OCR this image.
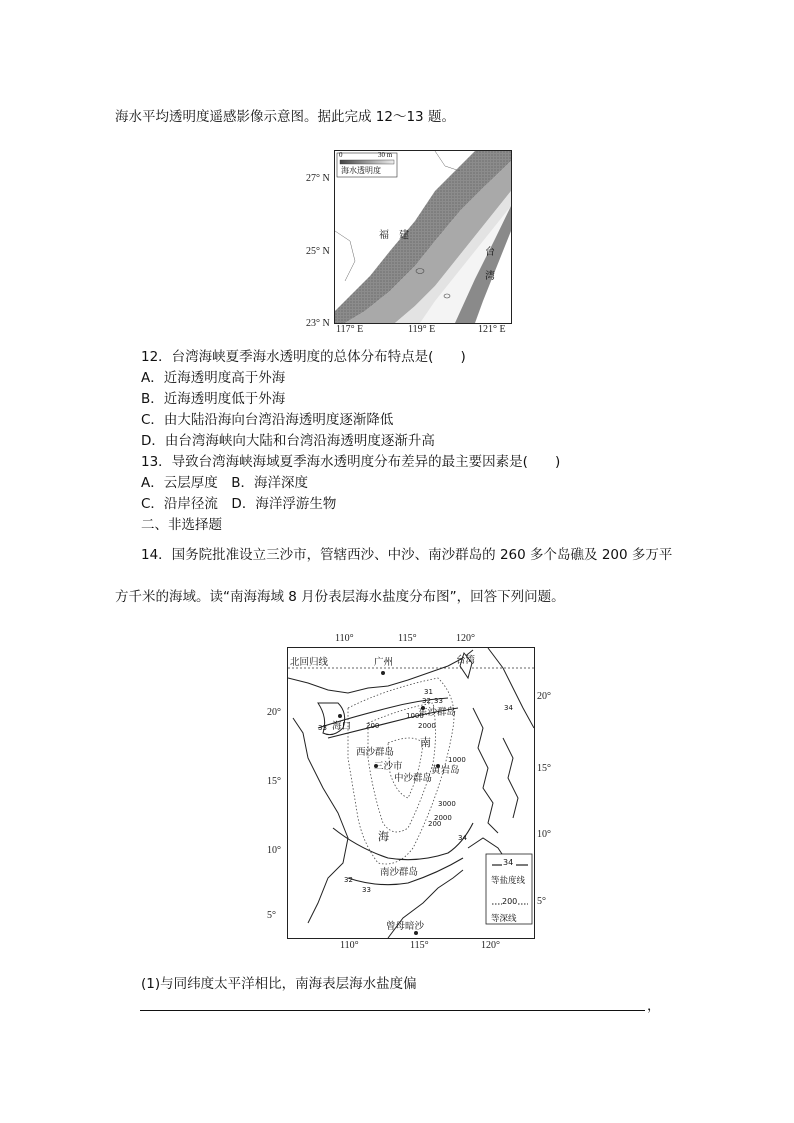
海水平均透明度遥感影像示意图。据此完成 12～13 题。
0	30 m
海水透明度
福　建
台
湾
27° N
25° N
23° N
117° E	119° E	121° E
12．台湾海峡夏季海水透明度的总体分布特点是(　　)
A．近海透明度高于外海
B．近海透明度低于外海
C．由大陆沿海向台湾沿海透明度逐渐降低
D．由台湾海峡向大陆和台湾沿海透明度逐渐升高
13．导致台湾海峡海域夏季海水透明度分布差异的最主要因素是(　　)
A．云层厚度　B．海洋深度
C．沿岸径流　D．海洋浮游生物
二、非选择题
14．国务院批准设立三沙市，管辖西沙、中沙、南沙群岛的 260 多个岛礁及 200 多万平
方千米的海域。读“南海海域 8 月份表层海水盐度分布图”，回答下列问题。
110°	115°	120°
北回归线	广州	台湾
海口
东沙群岛
西沙群岛
三沙市
中沙群岛
黄岩岛
南
海
南沙群岛
曾母暗沙
31
32 33
34
33
32
33
34
200
1000
2000
3000
2000
200
1000
34
等盐度线
200
等深线
20°
15°
10°
5°
20°
15°
10°
5°
110°	115°	120°
(1)与同纬度太平洋相比，南海表层海水盐度偏
，
